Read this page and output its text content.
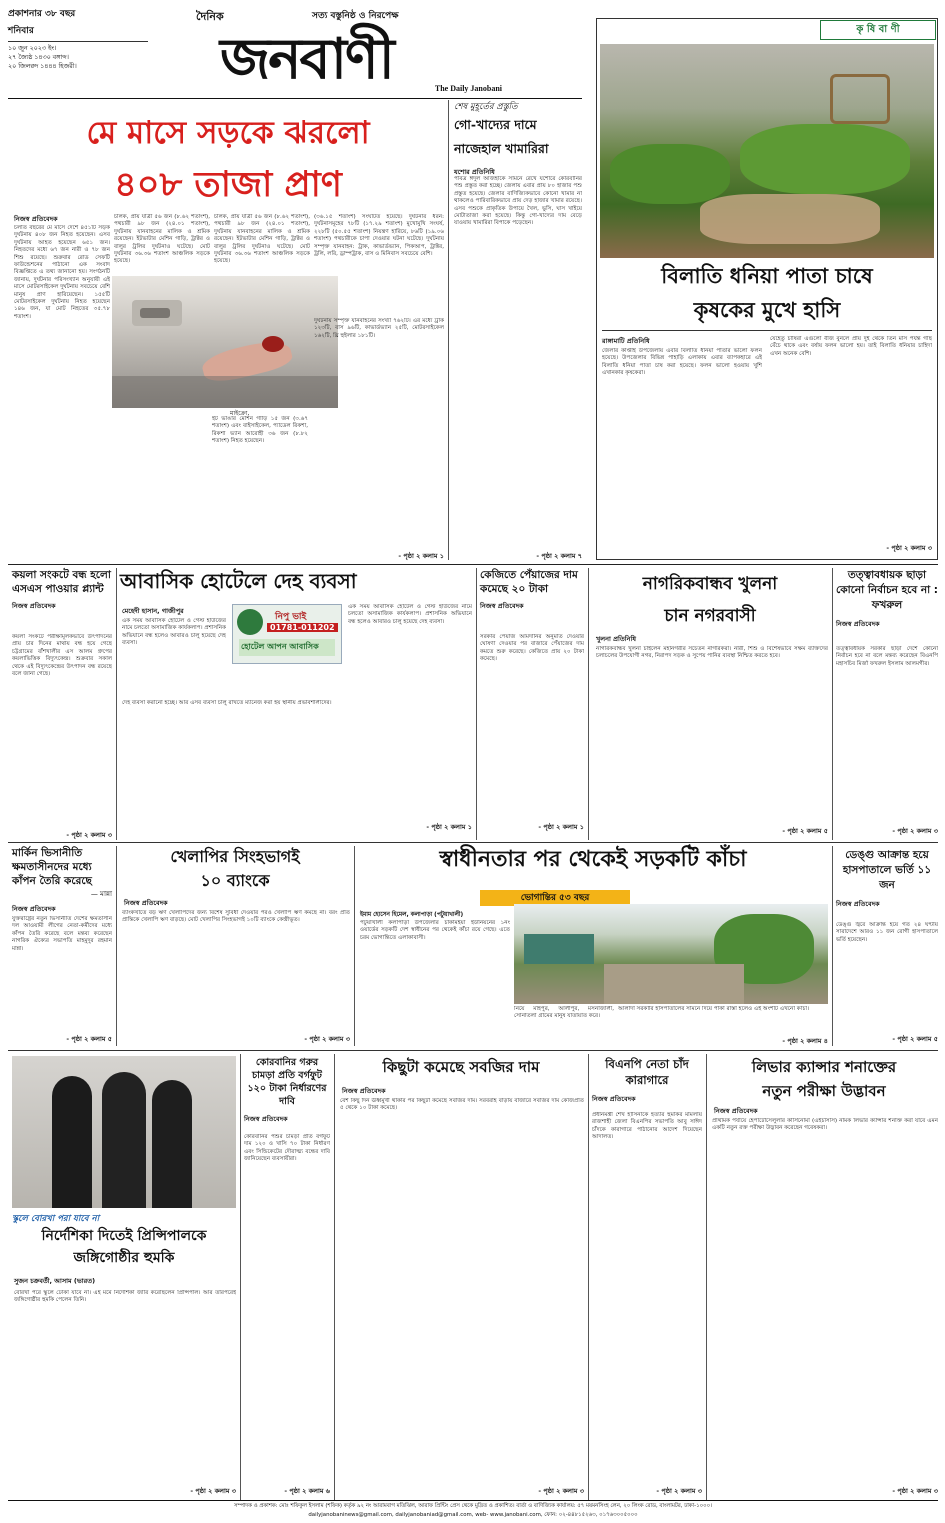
প্রকাশনার ৩৮ বছর
শনিবার
১০ জুন ২০২৩ ইং।
২৭ জ্যৈষ্ঠ ১৪৩০ বঙ্গাব্দ।
২০ জিলক্বদ ১৪৪৪ হিজরী।
দৈনিক	সত্য বস্তুনিষ্ঠ ও নিরপেক্ষ
জনবাণী	The Daily Janobani
মে মাসে সড়কে ঝরলো
৪০৮ তাজা প্রাণ
নিজস্ব প্রতিবেদক
চলতি বছরের মে মাসে দেশে ৪৫১টি সড়ক দুর্ঘটনায় ৪০৮ জন নিহত হয়েছেন। এসব দুর্ঘটনায় আহত হয়েছেন ৬৫১ জন। নিহতদের মধ্যে ৬৭ জন নারী ও ৭৮ জন শিশু রয়েছে। শুক্রবার রোড সেফটি ফাউন্ডেশনের পাঠানো এক সংবাদ বিজ্ঞপ্তিতে এ তথ্য জানানো হয়। সংগঠনটি জানায়, দুর্ঘটনার পরিসংখ্যান অনুযায়ী এই মাসে মোটরসাইকেল দুর্ঘটনায় সবচেয়ে বেশি মানুষ প্রাণ হারিয়েছেন। ১৫৫টি মোটরসাইকেল দুর্ঘটনায় নিহত হয়েছেন ১৪৬ জন, যা মোট নিহতের ৩৫.৭৮ শতাংশ।
চালক, প্রায় যাত্রী ৫৬ জন (৮.৬২ শতাংশ), পথচারী ৯৮ জন (২৪.০১ শতাংশ), দুর্ঘটনায় যানবাহনের মালিক ও শ্রমিক রয়েছেন। ইটভাটার মেশিন গাড়ি, ট্রাক্টর ও বালুর ট্রলির দুর্ঘটনাও ঘটেছে। মোট দুর্ঘটনার ৩৬.৩৬ শতাংশ আঞ্চলিক সড়কে হয়েছে।
চালক, প্রায় যাত্রী ৫৬ জন (৮.৬২ শতাংশ), পথচারী ৯৮ জন (২৪.০১ শতাংশ), দুর্ঘটনায় যানবাহনের মালিক ও শ্রমিক রয়েছেন। ইটভাটার মেশিন গাড়ি, ট্রাক্টর ও বালুর ট্রলির দুর্ঘটনাও ঘটেছে। মোট দুর্ঘটনার ৩৬.৩৬ শতাংশ আঞ্চলিক সড়কে হয়েছে।
(৩৬.১৫ শতাংশ) সংঘটিত হয়েছে। দুর্ঘটনার ধরন: দুর্ঘটনাসমূহের ৭৮টি (১৭.২৯ শতাংশ) মুখোমুখি সংঘর্ষ, ২২৮টি (৫০.৫৫ শতাংশ) নিয়ন্ত্রণ হারিয়ে, ৮৬টি (১৯.০৬ শতাংশ) পথচারীকে চাপা দেওয়ার ঘটনা ঘটেছে। দুর্ঘটনায় সম্পৃক্ত যানবাহন: ট্রাক, কাভার্ডভ্যান, পিকআপ, ট্রাক্টর, ট্রলি, লরি, ড্রাম্পট্রাক, বাস ও মিনিবাস সবচেয়ে বেশি।
মাইক্রো,
ইট ভাঙার মেশিন গাড়ি ১৫ জন (৩.৬৭ শতাংশ) এবং বাইসাইকেল, প্যাডেল রিকশা, রিকশা ভ্যান আরোহী ৩৬ জন (৮.৮২ শতাংশ) নিহত হয়েছেন।
দুর্ঘটনায় সম্পৃক্ত যানবাহনের সংখ্যা ৭৬২টি। এর মধ্যে ট্রাক ১২৩টি, বাস ৯৬টি, কাভার্ডভ্যান ২৫টি, মোটরসাইকেল ১৬২টি, থ্রি হুইলার ১৮১টি।
- পৃষ্ঠা ২ কলাম ১
শেষ মুহূর্তের প্রস্তুতি
গো-খাদ্যের দামে
নাজেহাল খামারিরা
যশোর প্রতিনিধি
পবিত্র ঈদুল আজহাকে সামনে রেখে যশোরে কোরবানির পশু প্রস্তুত করা হচ্ছে। জেলায় এবার প্রায় ৮০ হাজার পশু প্রস্তুত হয়েছে। জেলার বাণিজ্যিকভাবে কোনো খামার না থাকলেও পারিবারিকভাবে প্রায় দেড় হাজার খামার রয়েছে। এসব পশুকে প্রাকৃতিক উপায়ে খৈল, ভুসি, ঘাস খাইয়ে মোটাতাজা করা হয়েছে। কিন্তু গো-খাদ্যের দাম বেড়ে যাওয়ায় খামারিরা বিপাকে পড়েছেন।
- পৃষ্ঠা ২ কলাম ৭
কৃ ষি বা ণী
বিলাতি ধনিয়া পাতা চাষে
কৃষকের মুখে হাসি
রাঙ্গামাটি প্রতিনিধি
জেলার কাপ্তাই উপজেলায় এবার বিলাতি ধনিয়া পাতার ভালো ফলন হয়েছে। উপজেলার বিভিন্ন পাহাড়ি এলাকায় এবার ব্যাপকহারে এই বিলাতি ধনিয়া পাতা চাষ করা হয়েছে। ফলন ভালো হওয়ায় খুশি এখানকার কৃষকেরা।
যেহেতু চাষিরা এগুলো বীজ বুনলে প্রায় দুই থেকে তিন মাস পর্যন্ত গাছ বেঁচে থাকে এবং বর্ষায় ফলন ভালো হয়। তাই বিলাতি ধনিয়ার চাহিদা এখন অনেক বেশি।
- পৃষ্ঠা ২ কলাম ৩
কয়লা সংকটে বন্ধ হলো এসএস পাওয়ার প্ল্যান্ট
নিজস্ব প্রতিবেদক
কয়লা সংকটে পরীক্ষামূলকভাবে উৎপাদনের প্রায় চার দিনের মাথায় বন্ধ হয়ে গেছে চট্টগ্রামের বাঁশখালীর এস আলম গ্রুপের কয়লাভিত্তিক বিদ্যুৎকেন্দ্র। শুক্রবার সকাল থেকে এই বিদ্যুৎকেন্দ্রের উৎপাদন বন্ধ রয়েছে বলে জানা গেছে।
- পৃষ্ঠা ২ কলাম ৩
আবাসিক হোটেলে দেহ ব্যবসা
মেহেদী হাসান, গাজীপুর
এক সময় আবাসিক হোটেল ও গেস্ট হাউজের নামে চলতো অসামাজিক কার্যকলাপ। প্রশাসনিক অভিযানে বন্ধ হলেও আবারও চালু হয়েছে দেহ ব্যবসা।
নিপু ভাই
01781-011202
হোটেল আপন আবাসিক
দেহ ব্যবসা করানো হচ্ছে। আর এসব ব্যবসা চালু রাখতে ম্যানেজ করা হয় স্থানীয় প্রভাবশালীদের।
এক সময় আবাসিক হোটেল ও গেস্ট হাউজের নামে চলতো অসামাজিক কার্যকলাপ। প্রশাসনিক অভিযানে বন্ধ হলেও আবারও চালু হয়েছে দেহ ব্যবসা।
- পৃষ্ঠা ২ কলাম ১
কেজিতে পেঁয়াজের দাম কমেছে ২০ টাকা
নিজস্ব প্রতিবেদক
সরকার পেঁয়াজ আমদানির অনুমতি দেওয়ার ঘোষণা দেওয়ার পর বাজারে পেঁয়াজের দাম কমতে শুরু করেছে। কেজিতে প্রায় ২০ টাকা কমেছে।
- পৃষ্ঠা ২ কলাম ১
নাগরিকবান্ধব খুলনা
চান নগরবাসী
খুলনা প্রতিনিধি
নাগরিকবান্ধব খুলনা চাইলেন মহানগরীর সচেতন নাগরিকরা। নারী, শিশু ও বিশেষভাবে সক্ষম ব্যক্তিদের চলাচলের উপযোগী নগর, নিরাপদ সড়ক ও সুপেয় পানির ব্যবস্থা নিশ্চিত করতে হবে।
- পৃষ্ঠা ২ কলাম ৫
তত্ত্বাবধায়ক ছাড়া কোনো নির্বাচন হবে না : ফখরুল
নিজস্ব প্রতিবেদক
তত্ত্বাবধায়ক সরকার ছাড়া দেশে কোনো নির্বাচন হবে না বলে মন্তব্য করেছেন বিএনপি মহাসচিব মির্জা ফখরুল ইসলাম আলমগীর।
- পৃষ্ঠা ২ কলাম ৩
মার্কিন ভিসানীতি ক্ষমতাসীনদের মধ্যে কাঁপন তৈরি করেছে
— মান্না
নিজস্ব প্রতিবেদক
যুক্তরাষ্ট্রের নতুন ভিসানীতি দেশের ক্ষমতাসীন দল আওয়ামী লীগের নেতা-কর্মীদের মধ্যে কাঁপন তৈরি করেছে বলে মন্তব্য করেছেন নাগরিক ঐক্যের সভাপতি মাহমুদুর রহমান মান্না।
- পৃষ্ঠা ২ কলাম ৫
খেলাপির সিংহভাগই
১০ ব্যাংকে
নিজস্ব প্রতিবেদক
ব্যাংকখাতে বড় ঋণ খেলাপিদের জন্য বিশেষ সুবিধা দেওয়ার পরও খেলাপি ঋণ কমছে না। বরং প্রতি প্রান্তিকে খেলাপি ঋণ বাড়ছে। মোট খেলাপির সিংহভাগই ১০টি ব্যাংকে কেন্দ্রীভূত।
- পৃষ্ঠা ২ কলাম ৩
স্বাধীনতার পর থেকেই সড়কটি কাঁচা
ভোগান্তির ৫৩ বছর
ইমাম হোসেন হিমেল, কলাপাড়া (পটুয়াখালী)
পটুয়াখালী কলাপাড়া উপজেলার চাকামইয়া ইউনিয়নের ১নং ওয়ার্ডের সড়কটি দেশ স্বাধীনের পর থেকেই কাঁচা রয়ে গেছে। এতে চরম ভোগান্তিতে এলাকাবাসী।
নিয়ে মহিপুর, আলীপুর, মসনাজালী, সোনাতলা গ্রামের মানুষ যাতায়াত করে।
আলাদা সরকারি হাসপাতালের সামনে দিয়ে পাকা রাস্তা হলেও এই অংশটি এখনো কাঁচা।
- পৃষ্ঠা ২ কলাম ৪
ডেঙ্গু আক্রান্ত হয়ে হাসপাতালে ভর্তি ১১ জন
নিজস্ব প্রতিবেদক
ডেঙ্গু জ্বরে আক্রান্ত হয়ে গত ২৪ ঘণ্টায় সারাদেশে আরও ১১ জন রোগী হাসপাতালে ভর্তি হয়েছেন।
- পৃষ্ঠা ২ কলাম ৫
স্কুলে বোরখা পরা যাবে না
নির্দেশিকা দিতেই প্রিন্সিপালকে
জঙ্গিগোষ্ঠীর হুমকি
সুজন চক্রবর্তী, আসাম (ভারত)
বোরখা পরে স্কুলে ঢোকা যাবে না। এই মর্মে নির্দেশিকা জারি করেছিলেন প্রিন্সিপাল। আর তারপরেই জঙ্গিগোষ্ঠীর হুমকি পেলেন তিনি।
- পৃষ্ঠা ২ কলাম ৩
কোরবানির গরুর চামড়া প্রতি বর্গফুট ১২০ টাকা নির্ধারণের দাবি
নিজস্ব প্রতিবেদক
কোরবানির পশুর চামড়া প্রতি বর্গফুট দাম ১২০ ও খাসি ৭০ টাকা নির্ধারণ এবং সিন্ডিকেটের দৌরাত্ম্য বন্ধের দাবি জানিয়েছেন ব্যবসায়ীরা।
- পৃষ্ঠা ২ কলাম ৬
কিছুটা কমেছে সবজির দাম
নিজস্ব প্রতিবেদক
বেশ কিছু দিন ঊর্ধ্বমুখী থাকার পর কিছুটা কমেছে সবজির দাম। সরবরাহ বাড়ায় বাজারে সবজির দাম কেজিপ্রতি ৫ থেকে ১০ টাকা কমেছে।
- পৃষ্ঠা ২ কলাম ৩
বিএনপি নেতা চাঁদ কারাগারে
নিজস্ব প্রতিবেদক
প্রধানমন্ত্রী শেখ হাসিনাকে হত্যার হুমকির মামলায় রাজশাহী জেলা বিএনপির সভাপতি আবু সাঈদ চাঁদকে কারাগারে পাঠানোর আদেশ দিয়েছেন আদালত।
- পৃষ্ঠা ২ কলাম ৩
লিভার ক্যান্সার শনাক্তের
নতুন পরীক্ষা উদ্ভাবন
নিজস্ব প্রতিবেদক
প্রাথমিক পর্যায়ে হেপাটোসেলুলার কার্সিনোমা (এইচসিসি) নামক লিভার ক্যান্সার শনাক্ত করা যাবে এমন একটি নতুন রক্ত পরীক্ষা উদ্ভাবন করেছেন গবেষকরা।
- পৃষ্ঠা ২ কলাম ৩
সম্পাদক ও প্রকাশক: মোঃ শফিকুল ইসলাম (শফিক) কর্তৃক ৯২ নং আরামবাগ মতিঝিল, আরাফ প্রিন্টিং প্রেস থেকে মুদ্রিত ও প্রকাশিত। বার্তা ও বাণিজ্যিক কার্যালয়: ৫৭ ময়মনসিংহ লেন, ২০ লিংক রোড, বাংলামটর, ঢাকা-১০০০।
dailyjanobaninews@gmail.com, dailyjanobaniad@gmail.com, web- www.janobani.com, ফোন: ০২-৪৪৮১৫২৬৩, ০১৭৬৩০০৫০০০
